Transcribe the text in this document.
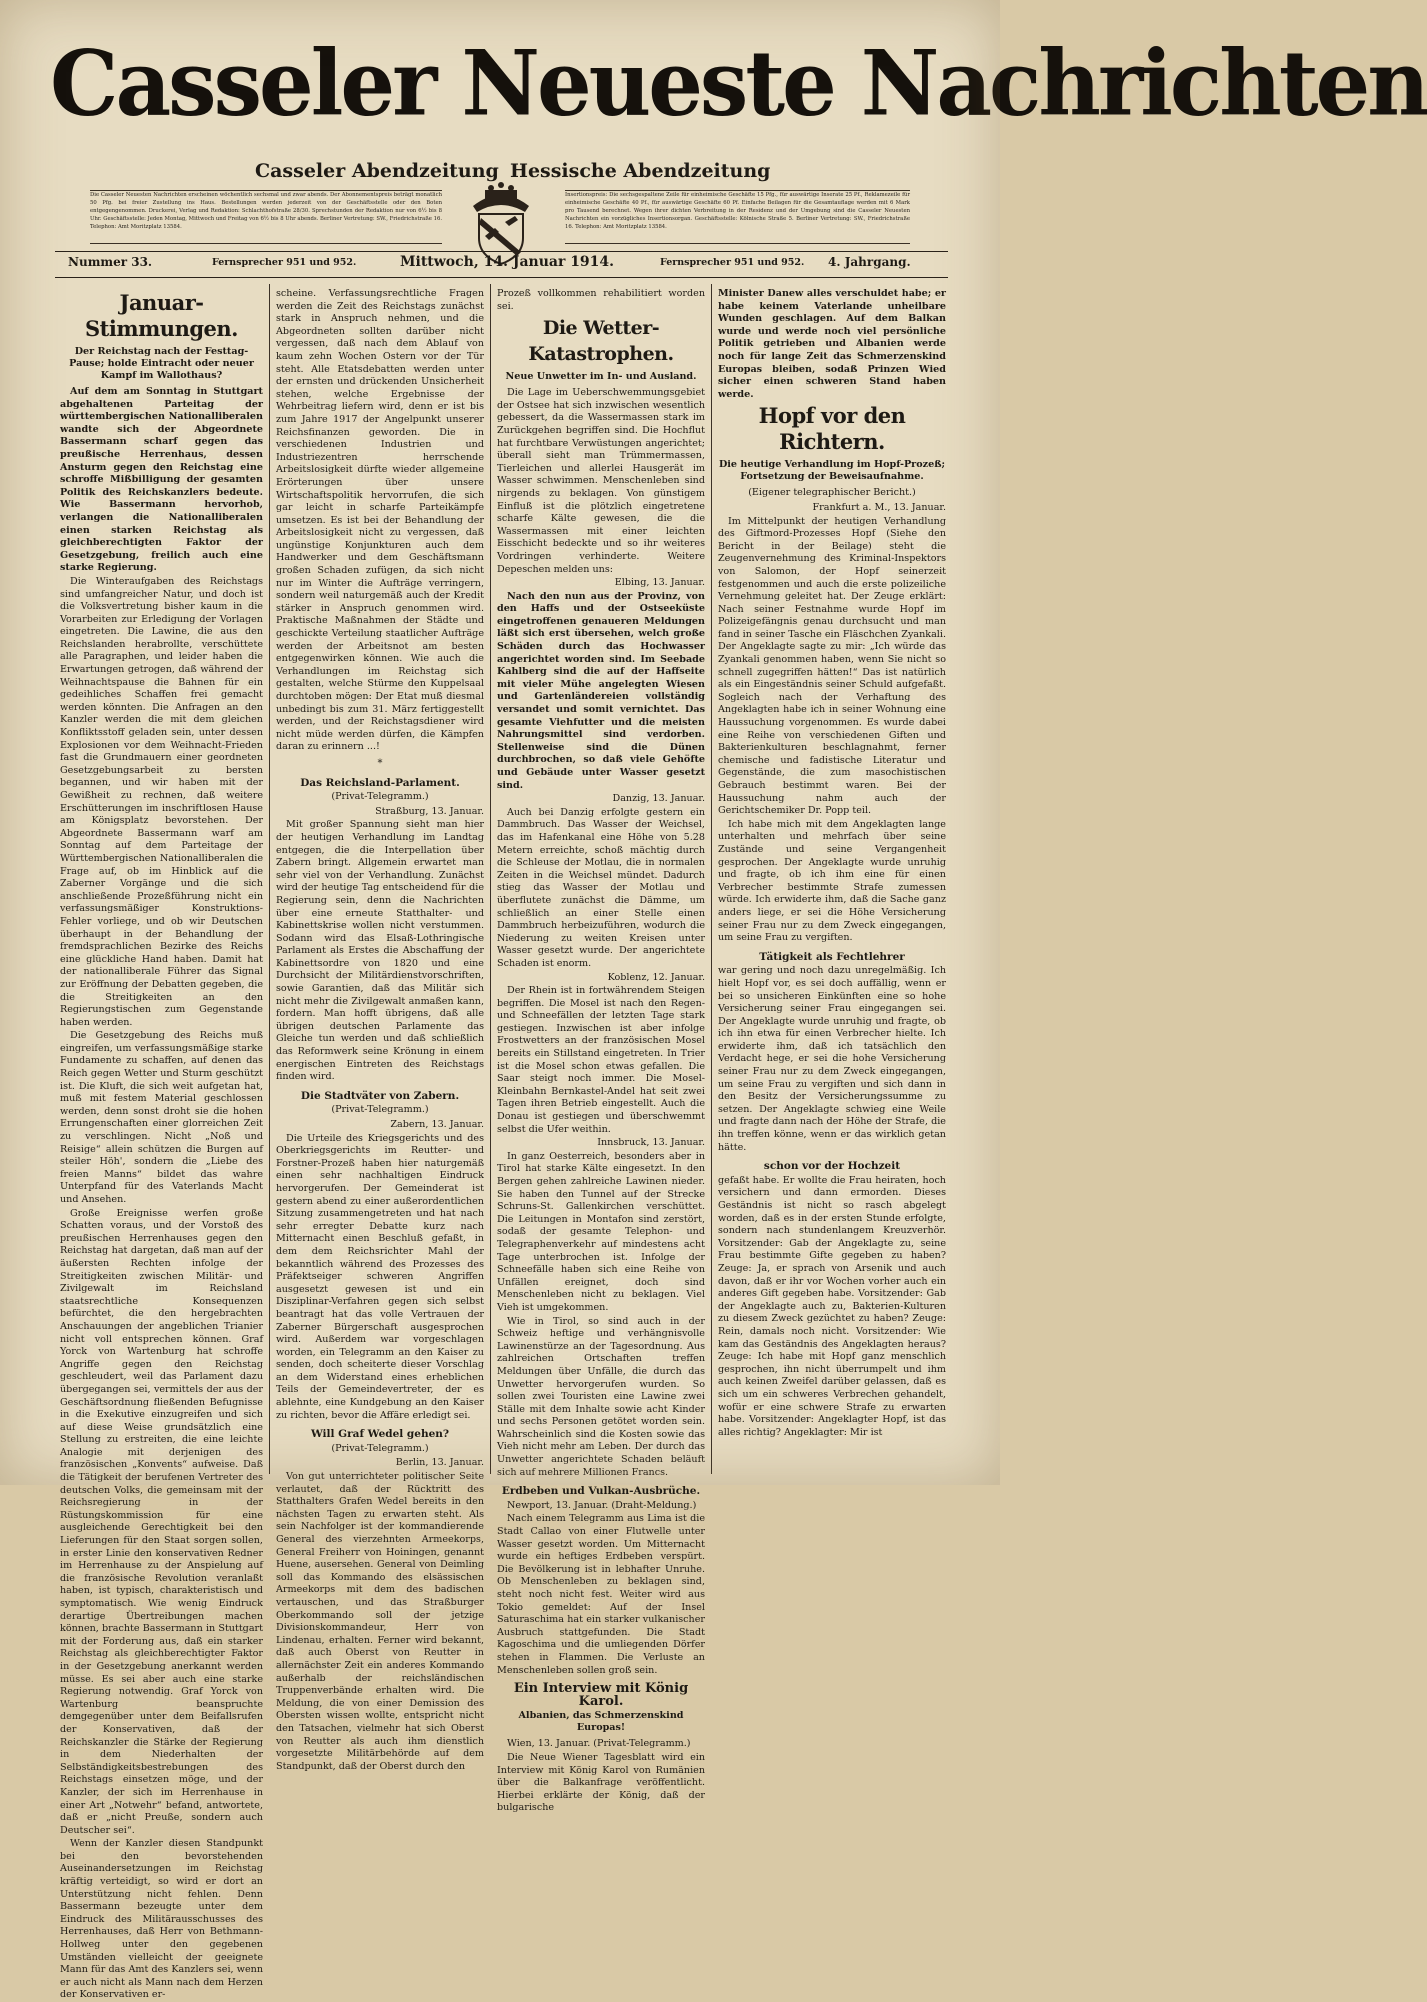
Casseler Neueste Nachrichten
Casseler Abendzeitung Hessische Abendzeitung
Die Casseler Neuesten Nachrichten erscheinen wöchentlich sechsmal und zwar abends. Der Abonnementspreis beträgt monatlich 50 Pfg. bei freier Zustellung ins Haus. Bestellungen werden jederzeit von der Geschäftsstelle oder den Boten entgegengenommen. Druckerei, Verlag und Redaktion: Schlachthofstraße 28/30. Sprechstunden der Redaktion nur von 6½ bis 8 Uhr. Geschäftsstelle: Jeden Montag, Mittwoch und Freitag von 6½ bis 8 Uhr abends. Berliner Vertretung: SW., Friedrichstraße 16. Telephon: Amt Moritzplatz 13584.
Insertionspreis: Die sechsgespaltene Zeile für einheimische Geschäfte 15 Pfg., für auswärtige Inserate 25 Pf., Reklamezeile für einheimische Geschäfte 40 Pf., für auswärtige Geschäfte 60 Pf. Einfache Beilagen für die Gesamtauflage werden mit 6 Mark pro Tausend berechnet. Wegen ihrer dichten Verbreitung in der Residenz und der Umgebung sind die Casseler Neuesten Nachrichten ein vorzügliches Insertionsorgan. Geschäftsstelle: Kölnische Straße 5. Berliner Vertretung: SW., Friedrichstraße 16. Telephon: Amt Moritzplatz 13584.
Nummer 33.	Fernsprecher 951 und 952.	Mittwoch, 14. Januar 1914.	Fernsprecher 951 und 952. 4. Jahrgang.
Januar-Stimmungen.
Der Reichstag nach der Festtag-Pause; holde Eintracht oder neuer Kampf im Wallothaus?

Auf dem am Sonntag in Stuttgart abgehaltenen Parteitag der württembergischen Nationalliberalen wandte sich der Abgeordnete Bassermann scharf gegen das preußische Herrenhaus, dessen Ansturm gegen den Reichstag eine schroffe Mißbilligung der gesamten Politik des Reichskanzlers bedeute. Wie Bassermann hervorhob, verlangen die Nationalliberalen einen starken Reichstag als gleichberechtigten Faktor der Gesetzgebung, freilich auch eine starke Regierung.

Die Winteraufgaben des Reichstags sind umfangreicher Natur, und doch ist die Volksvertretung bisher kaum in die Vorarbeiten zur Erledigung der Vorlagen eingetreten. Die Lawine, die aus den Reichslanden herabrollte, verschüttete alle Paragraphen, und leider haben die Erwartungen getrogen, daß während der Weihnachtspause die Bahnen für ein gedeihliches Schaffen frei gemacht werden könnten. Die Anfragen an den Kanzler werden die mit dem gleichen Konfliktsstoff geladen sein, unter dessen Explosionen vor dem Weihnacht-Frieden fast die Grundmauern einer geordneten Gesetzgebungsarbeit zu bersten begannen, und wir haben mit der Gewißheit zu rechnen, daß weitere Erschütterungen im inschriftlosen Hause am Königsplatz bevorstehen. Der Abgeordnete Bassermann warf am Sonntag auf dem Parteitage der Württembergischen Nationalliberalen die Frage auf, ob im Hinblick auf die Zaberner Vorgänge und die sich anschließende Prozeßführung nicht ein verfassungsmäßiger Konstruktions-Fehler vorliege, und ob wir Deutschen überhaupt in der Behandlung der fremdsprachlichen Bezirke des Reichs eine glückliche Hand haben. Damit hat der nationalliberale Führer das Signal zur Eröffnung der Debatten gegeben, die die Streitigkeiten an den Regierungstischen zum Gegenstande haben werden.

Die Gesetzgebung des Reichs muß eingreifen, um verfassungsmäßige starke Fundamente zu schaffen, auf denen das Reich gegen Wetter und Sturm geschützt ist. Die Kluft, die sich weit aufgetan hat, muß mit festem Material geschlossen werden, denn sonst droht sie die hohen Errungenschaften einer glorreichen Zeit zu verschlingen. Nicht „Noß und Reisige“ allein schützen die Burgen auf steiler Höh', sondern die „Liebe des freien Manns“ bildet das wahre Unterpfand für des Vaterlands Macht und Ansehen.

Große Ereignisse werfen große Schatten voraus, und der Vorstoß des preußischen Herrenhauses gegen den Reichstag hat dargetan, daß man auf der äußersten Rechten infolge der Streitigkeiten zwischen Militär- und Zivilgewalt im Reichsland staatsrechtliche Konsequenzen befürchtet, die den hergebrachten Anschauungen der angeblichen Trianier nicht voll entsprechen können. Graf Yorck von Wartenburg hat schroffe Angriffe gegen den Reichstag geschleudert, weil das Parlament dazu übergegangen sei, vermittels der aus der Geschäftsordnung fließenden Befugnisse in die Exekutive einzugreifen und sich auf diese Weise grundsätzlich eine Stellung zu erstreiten, die eine leichte Analogie mit derjenigen des französischen „Konvents“ aufweise. Daß die Tätigkeit der berufenen Vertreter des deutschen Volks, die gemeinsam mit der Reichsregierung in der Rüstungskommission für eine ausgleichende Gerechtigkeit bei den Lieferungen für den Staat sorgen sollen, in erster Linie den konservativen Redner im Herrenhause zu der Anspielung auf die französische Revolution veranlaßt haben, ist typisch, charakteristisch und symptomatisch. Wie wenig Eindruck derartige Übertreibungen machen können, brachte Bassermann in Stuttgart mit der Forderung aus, daß ein starker Reichstag als gleichberechtigter Faktor in der Gesetzgebung anerkannt werden müsse. Es sei aber auch eine starke Regierung notwendig. Graf Yorck von Wartenburg beanspruchte demgegenüber unter dem Beifallsrufen der Konservativen, daß der Reichskanzler die Stärke der Regierung in dem Niederhalten der Selbständigkeitsbestrebungen des Reichstags einsetzen möge, und der Kanzler, der sich im Herrenhause in einer Art „Notwehr“ befand, antwortete, daß er „nicht Preuße, sondern auch Deutscher sei“.

Wenn der Kanzler diesen Standpunkt bei den bevorstehenden Auseinandersetzungen im Reichstag kräftig verteidigt, so wird er dort an Unterstützung nicht fehlen. Denn Bassermann bezeugte unter dem Eindruck des Militärausschusses des Herrenhauses, daß Herr von Bethmann-Hollweg unter den gegebenen Umständen vielleicht der geeignete Mann für das Amt des Kanzlers sei, wenn er auch nicht als Mann nach dem Herzen der Konservativen er-

scheine. Verfassungsrechtliche Fragen werden die Zeit des Reichstags zunächst stark in Anspruch nehmen, und die Abgeordneten sollten darüber nicht vergessen, daß nach dem Ablauf von kaum zehn Wochen Ostern vor der Tür steht. Alle Etatsdebatten werden unter der ernsten und drückenden Unsicherheit stehen, welche Ergebnisse der Wehrbeitrag liefern wird, denn er ist bis zum Jahre 1917 der Angelpunkt unserer Reichsfinanzen geworden. Die in verschiedenen Industrien und Industriezentren herrschende Arbeitslosigkeit dürfte wieder allgemeine Erörterungen über unsere Wirtschaftspolitik hervorrufen, die sich gar leicht in scharfe Parteikämpfe umsetzen. Es ist bei der Behandlung der Arbeitslosigkeit nicht zu vergessen, daß ungünstige Konjunkturen auch dem Handwerker und dem Geschäftsmann großen Schaden zufügen, da sich nicht nur im Winter die Aufträge verringern, sondern weil naturgemäß auch der Kredit stärker in Anspruch genommen wird. Praktische Maßnahmen der Städte und geschickte Verteilung staatlicher Aufträge werden der Arbeitsnot am besten entgegenwirken können. Wie auch die Verhandlungen im Reichstag sich gestalten, welche Stürme den Kuppelsaal durchtoben mögen: Der Etat muß diesmal unbedingt bis zum 31. März fertiggestellt werden, und der Reichstagsdiener wird nicht müde werden dürfen, die Kämpfen daran zu erinnern ...!

*
Das Reichsland-Parlament.
(Privat-Telegramm.)
Straßburg, 13. Januar.

Mit großer Spannung sieht man hier der heutigen Verhandlung im Landtag entgegen, die die Interpellation über Zabern bringt. Allgemein erwartet man sehr viel von der Verhandlung. Zunächst wird der heutige Tag entscheidend für die Regierung sein, denn die Nachrichten über eine erneute Statthalter- und Kabinettskrise wollen nicht verstummen. Sodann wird das Elsaß-Lothringische Parlament als Erstes die Abschaffung der Kabinettsordre von 1820 und eine Durchsicht der Militärdienstvorschriften, sowie Garantien, daß das Militär sich nicht mehr die Zivilgewalt anmaßen kann, fordern. Man hofft übrigens, daß alle übrigen deutschen Parlamente das Gleiche tun werden und daß schließlich das Reformwerk seine Krönung in einem energischen Eintreten des Reichstags finden wird.

Die Stadtväter von Zabern.
(Privat-Telegramm.)
Zabern, 13. Januar.

Die Urteile des Kriegsgerichts und des Oberkriegsgerichts im Reutter- und Forstner-Prozeß haben hier naturgemäß einen sehr nachhaltigen Eindruck hervorgerufen. Der Gemeinderat ist gestern abend zu einer außerordentlichen Sitzung zusammengetreten und hat nach sehr erregter Debatte kurz nach Mitternacht einen Beschluß gefaßt, in dem dem Reichsrichter Mahl der bekanntlich während des Prozesses des Präfektseiger schweren Angriffen ausgesetzt gewesen ist und ein Disziplinar-Verfahren gegen sich selbst beantragt hat das volle Vertrauen der Zaberner Bürgerschaft ausgesprochen wird. Außerdem war vorgeschlagen worden, ein Telegramm an den Kaiser zu senden, doch scheiterte dieser Vorschlag an dem Widerstand eines erheblichen Teils der Gemeindevertreter, der es ablehnte, eine Kundgebung an den Kaiser zu richten, bevor die Affäre erledigt sei.

Will Graf Wedel gehen?
(Privat-Telegramm.)
Berlin, 13. Januar.

Von gut unterrichteter politischer Seite verlautet, daß der Rücktritt des Statthalters Grafen Wedel bereits in den nächsten Tagen zu erwarten steht. Als sein Nachfolger ist der kommandierende General des vierzehnten Armeekorps, General Freiherr von Hoiningen, genannt Huene, ausersehen. General von Deimling soll das Kommando des elsässischen Armeekorps mit dem des badischen vertauschen, und das Straßburger Oberkommando soll der jetzige Divisionskommandeur, Herr von Lindenau, erhalten. Ferner wird bekannt, daß auch Oberst von Reutter in allernächster Zeit ein anderes Kommando außerhalb der reichsländischen Truppenverbände erhalten wird. Die Meldung, die von einer Demission des Obersten wissen wollte, entspricht nicht den Tatsachen, vielmehr hat sich Oberst von Reutter als auch ihm dienstlich vorgesetzte Militärbehörde auf dem Standpunkt, daß der Oberst durch den

Prozeß vollkommen rehabilitiert worden sei.

Die Wetter-Katastrophen.
Neue Unwetter im In- und Ausland.

Die Lage im Ueberschwemmungsgebiet der Ostsee hat sich inzwischen wesentlich gebessert, da die Wassermassen stark im Zurückgehen begriffen sind. Die Hochflut hat furchtbare Verwüstungen angerichtet; überall sieht man Trümmermassen, Tierleichen und allerlei Hausgerät im Wasser schwimmen. Menschenleben sind nirgends zu beklagen. Von günstigem Einfluß ist die plötzlich eingetretene scharfe Kälte gewesen, die die Wassermassen mit einer leichten Eisschicht bedeckte und so ihr weiteres Vordringen verhinderte. Weitere Depeschen melden uns:

Elbing, 13. Januar.

Nach den nun aus der Provinz, von den Haffs und der Ostseeküste eingetroffenen genaueren Meldungen läßt sich erst übersehen, welch große Schäden durch das Hochwasser angerichtet worden sind. Im Seebade Kahlberg sind die auf der Haffseite mit vieler Mühe angelegten Wiesen und Gartenländereien vollständig versandet und somit vernichtet. Das gesamte Viehfutter und die meisten Nahrungsmittel sind verdorben. Stellenweise sind die Dünen durchbrochen, so daß viele Gehöfte und Gebäude unter Wasser gesetzt sind.

Danzig, 13. Januar.

Auch bei Danzig erfolgte gestern ein Dammbruch. Das Wasser der Weichsel, das im Hafenkanal eine Höhe von 5.28 Metern erreichte, schoß mächtig durch die Schleuse der Motlau, die in normalen Zeiten in die Weichsel mündet. Dadurch stieg das Wasser der Motlau und überflutete zunächst die Dämme, um schließlich an einer Stelle einen Dammbruch herbeizuführen, wodurch die Niederung zu weiten Kreisen unter Wasser gesetzt wurde. Der angerichtete Schaden ist enorm.

Koblenz, 12. Januar.

Der Rhein ist in fortwährendem Steigen begriffen. Die Mosel ist nach den Regen- und Schneefällen der letzten Tage stark gestiegen. Inzwischen ist aber infolge Frostwetters an der französischen Mosel bereits ein Stillstand eingetreten. In Trier ist die Mosel schon etwas gefallen. Die Saar steigt noch immer. Die Mosel-Kleinbahn Bernkastel-Andel hat seit zwei Tagen ihren Betrieb eingestellt. Auch die Donau ist gestiegen und überschwemmt selbst die Ufer weithin.

Innsbruck, 13. Januar.

In ganz Oesterreich, besonders aber in Tirol hat starke Kälte eingesetzt. In den Bergen gehen zahlreiche Lawinen nieder. Sie haben den Tunnel auf der Strecke Schruns-St. Gallenkirchen verschüttet. Die Leitungen in Montafon sind zerstört, sodaß der gesamte Telephon- und Telegraphenverkehr auf mindestens acht Tage unterbrochen ist. Infolge der Schneefälle haben sich eine Reihe von Unfällen ereignet, doch sind Menschenleben nicht zu beklagen. Viel Vieh ist umgekommen.

Wie in Tirol, so sind auch in der Schweiz heftige und verhängnisvolle Lawinenstürze an der Tagesordnung. Aus zahlreichen Ortschaften treffen Meldungen über Unfälle, die durch das Unwetter hervorgerufen wurden. So sollen zwei Touristen eine Lawine zwei Ställe mit dem Inhalte sowie acht Kinder und sechs Personen getötet worden sein. Wahrscheinlich sind die Kosten sowie das Vieh nicht mehr am Leben. Der durch das Unwetter angerichtete Schaden beläuft sich auf mehrere Millionen Francs.

Erdbeben und Vulkan-Ausbrüche.
Newport, 13. Januar. (Draht-Meldung.)

Nach einem Telegramm aus Lima ist die Stadt Callao von einer Flutwelle unter Wasser gesetzt worden. Um Mitternacht wurde ein heftiges Erdbeben verspürt. Die Bevölkerung ist in lebhafter Unruhe. Ob Menschenleben zu beklagen sind, steht noch nicht fest. Weiter wird aus Tokio gemeldet: Auf der Insel Saturaschima hat ein starker vulkanischer Ausbruch stattgefunden. Die Stadt Kagoschima und die umliegenden Dörfer stehen in Flammen. Die Verluste an Menschenleben sollen groß sein.

Ein Interview mit König Karol.
Albanien, das Schmerzenskind Europas!
Wien, 13. Januar. (Privat-Telegramm.)

Die Neue Wiener Tagesblatt wird ein Interview mit König Karol von Rumänien über die Balkanfrage veröffentlicht. Hierbei erklärte der König, daß der bulgarische

Minister Danew alles verschuldet habe; er habe keinem Vaterlande unheilbare Wunden geschlagen. Auf dem Balkan wurde und werde noch viel persönliche Politik getrieben und Albanien werde noch für lange Zeit das Schmerzenskind Europas bleiben, sodaß Prinzen Wied sicher einen schweren Stand haben werde.

Hopf vor den Richtern.
Die heutige Verhandlung im Hopf-Prozeß; Fortsetzung der Beweisaufnahme.
(Eigener telegraphischer Bericht.)
Frankfurt a. M., 13. Januar.

Im Mittelpunkt der heutigen Verhandlung des Giftmord-Prozesses Hopf (Siehe den Bericht in der Beilage) steht die Zeugenvernehmung des Kriminal-Inspektors von Salomon, der Hopf seinerzeit festgenommen und auch die erste polizeiliche Vernehmung geleitet hat. Der Zeuge erklärt: Nach seiner Festnahme wurde Hopf im Polizeigefängnis genau durchsucht und man fand in seiner Tasche ein Fläschchen Zyankali. Der Angeklagte sagte zu mir: „Ich würde das Zyankali genommen haben, wenn Sie nicht so schnell zugegriffen hätten!“ Das ist natürlich als ein Eingeständnis seiner Schuld aufgefaßt. Sogleich nach der Verhaftung des Angeklagten habe ich in seiner Wohnung eine Haussuchung vorgenommen. Es wurde dabei eine Reihe von verschiedenen Giften und Bakterienkulturen beschlagnahmt, ferner chemische und fadistische Literatur und Gegenstände, die zum masochistischen Gebrauch bestimmt waren. Bei der Haussuchung nahm auch der Gerichtschemiker Dr. Popp teil.

Ich habe mich mit dem Angeklagten lange unterhalten und mehrfach über seine Zustände und seine Vergangenheit gesprochen. Der Angeklagte wurde unruhig und fragte, ob ich ihm eine für einen Verbrecher bestimmte Strafe zumessen würde. Ich erwiderte ihm, daß die Sache ganz anders liege, er sei die Höhe Versicherung seiner Frau nur zu dem Zweck eingegangen, um seine Frau zu vergiften.

Tätigkeit als Fechtlehrer

war gering und noch dazu unregelmäßig. Ich hielt Hopf vor, es sei doch auffällig, wenn er bei so unsicheren Einkünften eine so hohe Versicherung seiner Frau eingegangen sei. Der Angeklagte wurde unruhig und fragte, ob ich ihn etwa für einen Verbrecher hielte. Ich erwiderte ihm, daß ich tatsächlich den Verdacht hege, er sei die hohe Versicherung seiner Frau nur zu dem Zweck eingegangen, um seine Frau zu vergiften und sich dann in den Besitz der Versicherungssumme zu setzen. Der Angeklagte schwieg eine Weile und fragte dann nach der Höhe der Strafe, die ihn treffen könne, wenn er das wirklich getan hätte.

schon vor der Hochzeit

gefaßt habe. Er wollte die Frau heiraten, hoch versichern und dann ermorden. Dieses Geständnis ist nicht so rasch abgelegt worden, daß es in der ersten Stunde erfolgte, sondern nach stundenlangem Kreuzverhör. Vorsitzender: Gab der Angeklagte zu, seine Frau bestimmte Gifte gegeben zu haben? Zeuge: Ja, er sprach von Arsenik und auch davon, daß er ihr vor Wochen vorher auch ein anderes Gift gegeben habe. Vorsitzender: Gab der Angeklagte auch zu, Bakterien-Kulturen zu diesem Zweck gezüchtet zu haben? Zeuge: Rein, damals noch nicht. Vorsitzender: Wie kam das Geständnis des Angeklagten heraus? Zeuge: Ich habe mit Hopf ganz menschlich gesprochen, ihn nicht überrumpelt und ihm auch keinen Zweifel darüber gelassen, daß es sich um ein schweres Verbrechen gehandelt, wofür er eine schwere Strafe zu erwarten habe. Vorsitzender: Angeklagter Hopf, ist das alles richtig? Angeklagter: Mir ist
